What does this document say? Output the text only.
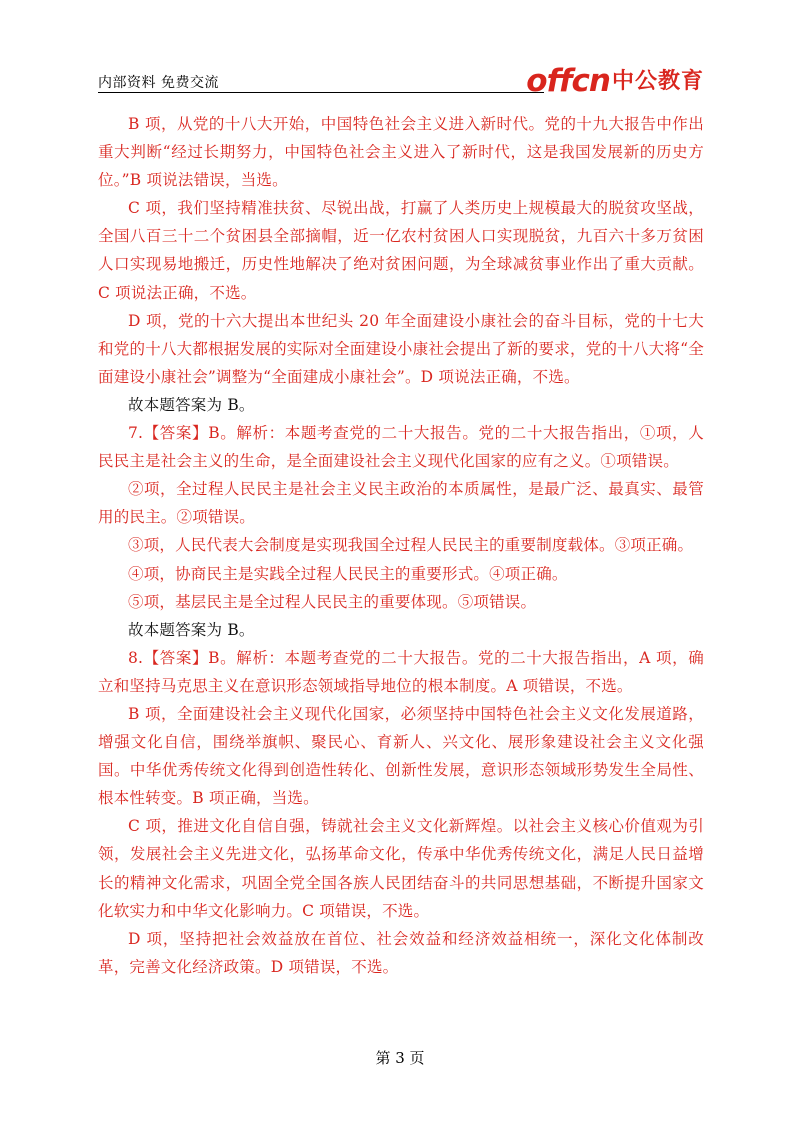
内部资料 免费交流	offcn 中公教育

B 项，从党的十八大开始，中国特色社会主义进入新时代。党的十九大报告中作出重大判断“经过长期努力，中国特色社会主义进入了新时代，这是我国发展新的历史方位。”B 项说法错误，当选。

C 项，我们坚持精准扶贫、尽锐出战，打赢了人类历史上规模最大的脱贫攻坚战，全国八百三十二个贫困县全部摘帽，近一亿农村贫困人口实现脱贫，九百六十多万贫困人口实现易地搬迁，历史性地解决了绝对贫困问题，为全球减贫事业作出了重大贡献。C 项说法正确，不选。

D 项，党的十六大提出本世纪头 20 年全面建设小康社会的奋斗目标，党的十七大和党的十八大都根据发展的实际对全面建设小康社会提出了新的要求，党的十八大将“全面建设小康社会”调整为“全面建成小康社会”。D 项说法正确，不选。

故本题答案为 B。

7.【答案】B。解析：本题考查党的二十大报告。党的二十大报告指出，①项，人民民主是社会主义的生命，是全面建设社会主义现代化国家的应有之义。①项错误。

②项，全过程人民民主是社会主义民主政治的本质属性，是最广泛、最真实、最管用的民主。②项错误。

③项，人民代表大会制度是实现我国全过程人民民主的重要制度载体。③项正确。

④项，协商民主是实践全过程人民民主的重要形式。④项正确。

⑤项，基层民主是全过程人民民主的重要体现。⑤项错误。

故本题答案为 B。

8.【答案】B。解析：本题考查党的二十大报告。党的二十大报告指出，A 项，确立和坚持马克思主义在意识形态领域指导地位的根本制度。A 项错误，不选。

B 项，全面建设社会主义现代化国家，必须坚持中国特色社会主义文化发展道路，增强文化自信，围绕举旗帜、聚民心、育新人、兴文化、展形象建设社会主义文化强国。中华优秀传统文化得到创造性转化、创新性发展，意识形态领域形势发生全局性、根本性转变。B 项正确，当选。

C 项，推进文化自信自强，铸就社会主义文化新辉煌。以社会主义核心价值观为引领，发展社会主义先进文化，弘扬革命文化，传承中华优秀传统文化，满足人民日益增长的精神文化需求，巩固全党全国各族人民团结奋斗的共同思想基础，不断提升国家文化软实力和中华文化影响力。C 项错误，不选。

D 项，坚持把社会效益放在首位、社会效益和经济效益相统一，深化文化体制改革，完善文化经济政策。D 项错误，不选。

第 3 页
